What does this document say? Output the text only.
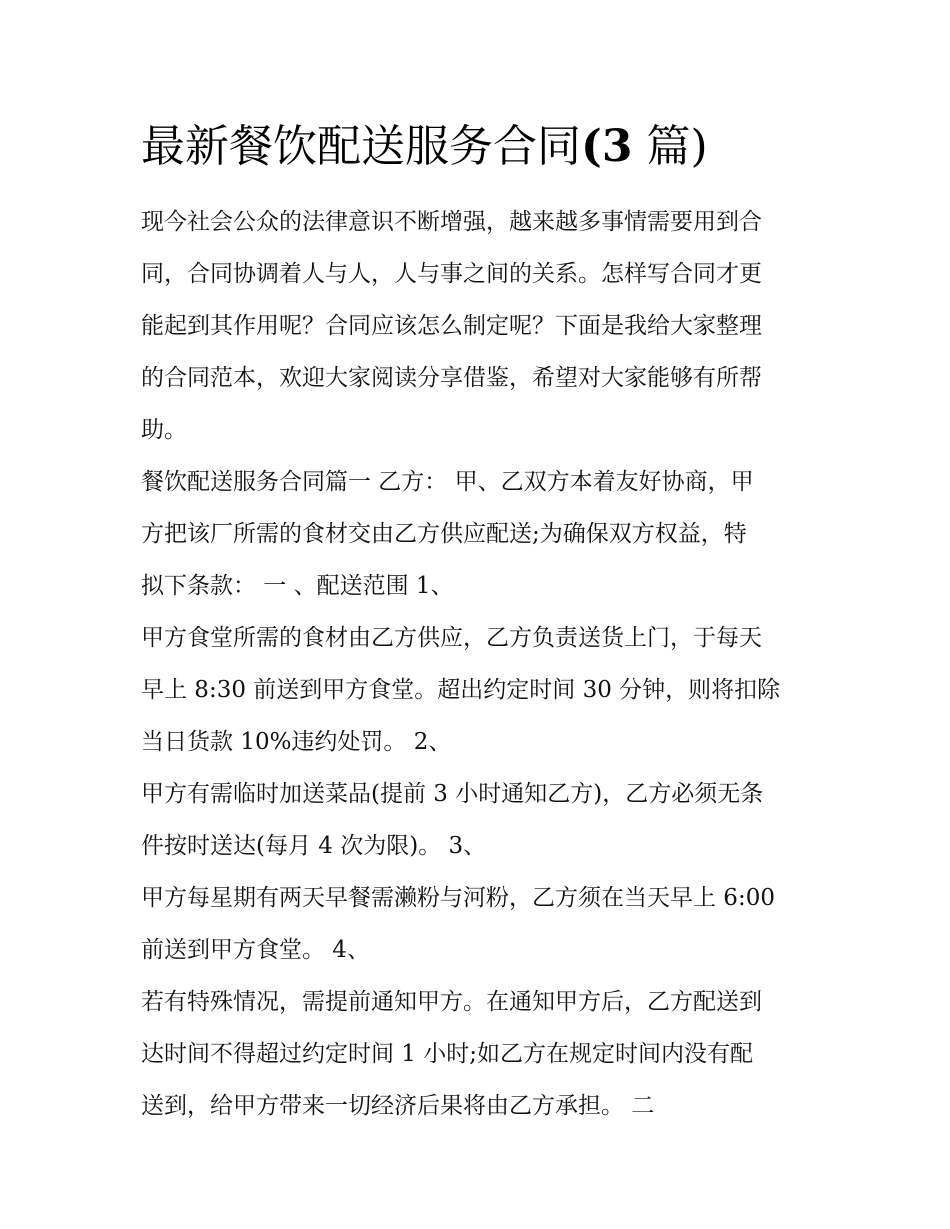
最新餐饮配送服务合同(3 篇)
现今社会公众的法律意识不断增强，越来越多事情需要用到合
同，合同协调着人与人，人与事之间的关系。怎样写合同才更
能起到其作用呢？合同应该怎么制定呢？下面是我给大家整理
的合同范本，欢迎大家阅读分享借鉴，希望对大家能够有所帮
助。
餐饮配送服务合同篇一 乙方： 甲、乙双方本着友好协商，甲
方把该厂所需的食材交由乙方供应配送;为确保双方权益，特
拟下条款： 一 、配送范围 1、
甲方食堂所需的食材由乙方供应，乙方负责送货上门，于每天
早上 8:30 前送到甲方食堂。超出约定时间 30 分钟，则将扣除
当日货款 10%违约处罚。 2、
甲方有需临时加送菜品(提前 3 小时通知乙方)，乙方必须无条
件按时送达(每月 4 次为限)。 3、
甲方每星期有两天早餐需濑粉与河粉，乙方须在当天早上 6:00
前送到甲方食堂。 4、
若有特殊情况，需提前通知甲方。在通知甲方后，乙方配送到
达时间不得超过约定时间 1 小时;如乙方在规定时间内没有配
送到，给甲方带来一切经济后果将由乙方承担。 二
